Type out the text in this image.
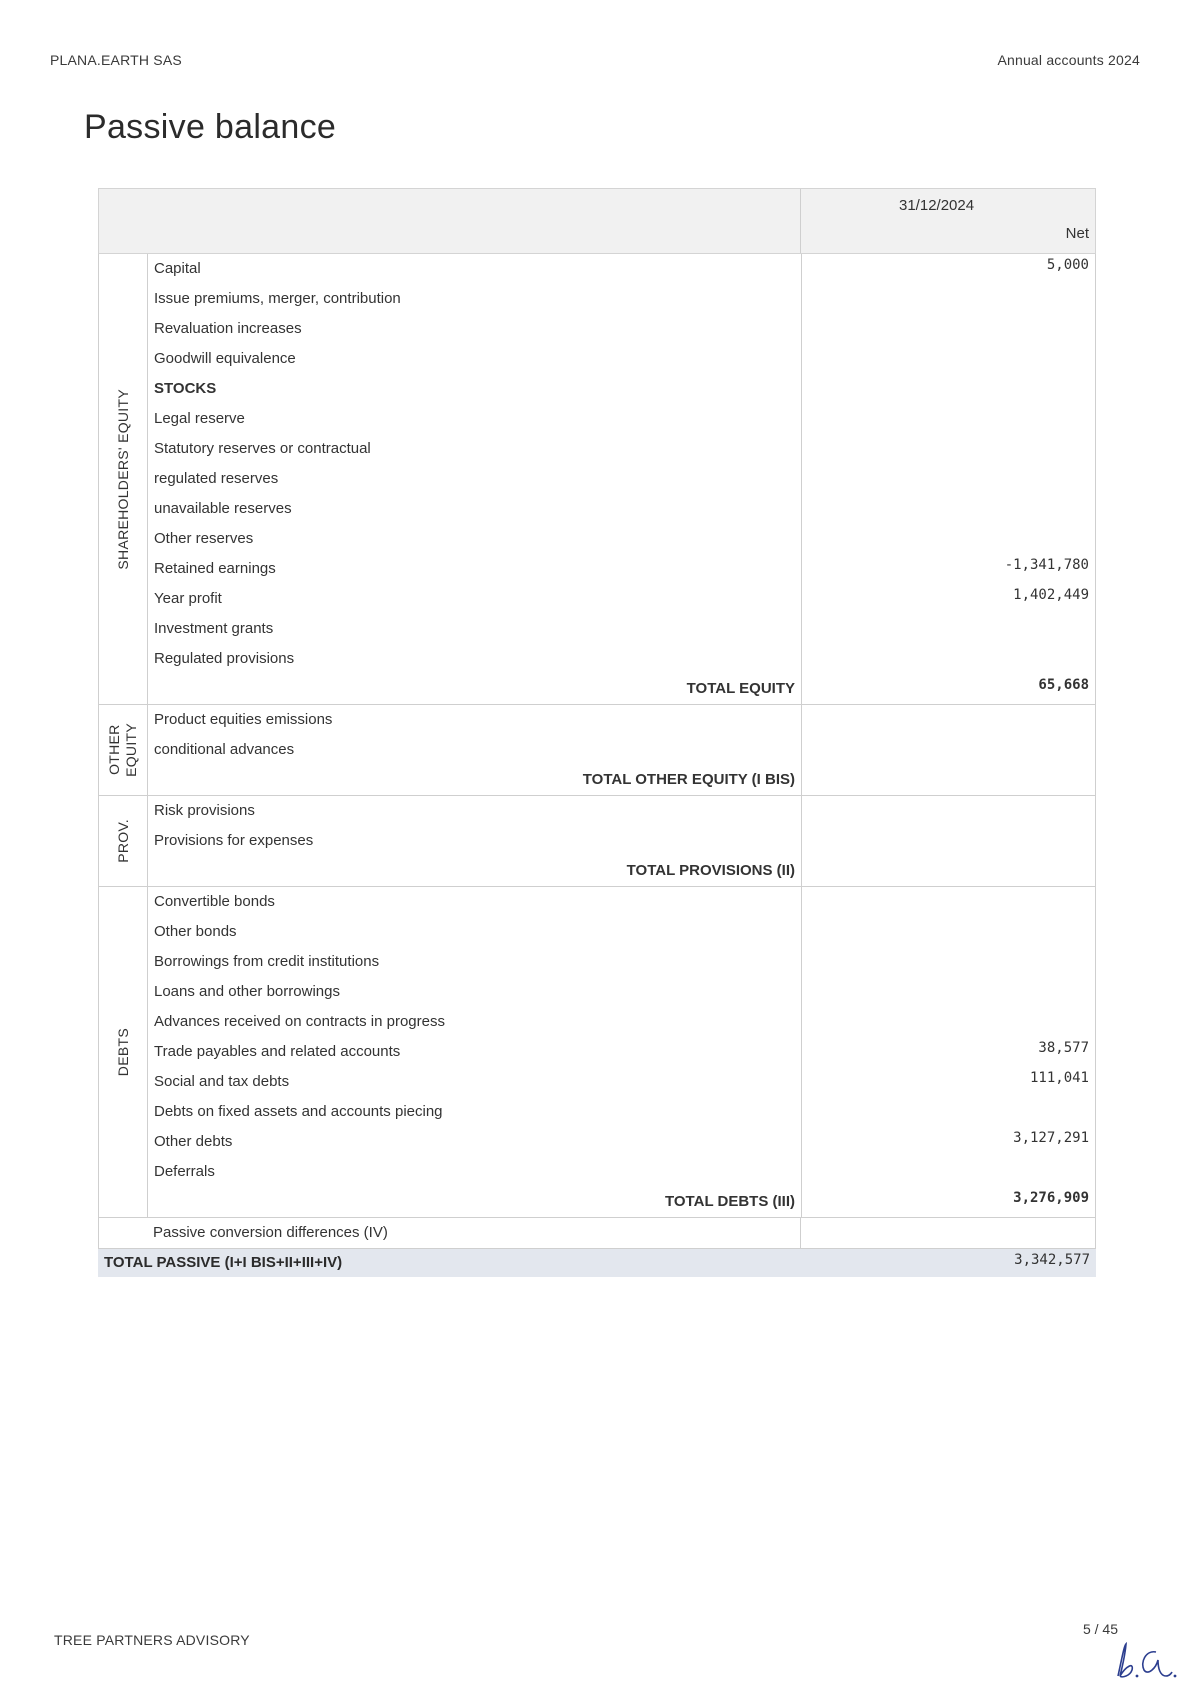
PLANA.EARTH SAS	Annual accounts 2024
Passive balance
31/12/2024
Net
SHAREHOLDERS' EQUITY
Capital	5,000
Issue premiums, merger, contribution
Revaluation increases
Goodwill equivalence
STOCKS
Legal reserve
Statutory reserves or contractual
regulated reserves
unavailable reserves
Other reserves
Retained earnings	-1,341,780
Year profit	1,402,449
Investment grants
Regulated provisions
TOTAL EQUITY	65,668
OTHER
EQUITY
Product equities emissions
conditional advances
TOTAL OTHER EQUITY (I BIS)
PROV.
Risk provisions
Provisions for expenses
TOTAL PROVISIONS (II)
DEBTS
Convertible bonds
Other bonds
Borrowings from credit institutions
Loans and other borrowings
Advances received on contracts in progress
Trade payables and related accounts	38,577
Social and tax debts	111,041
Debts on fixed assets and accounts piecing
Other debts	3,127,291
Deferrals
TOTAL DEBTS (III)	3,276,909
Passive conversion differences (IV)
TOTAL PASSIVE (I+I BIS+II+III+IV)	3,342,577
TREE PARTNERS ADVISORY
5 / 45
